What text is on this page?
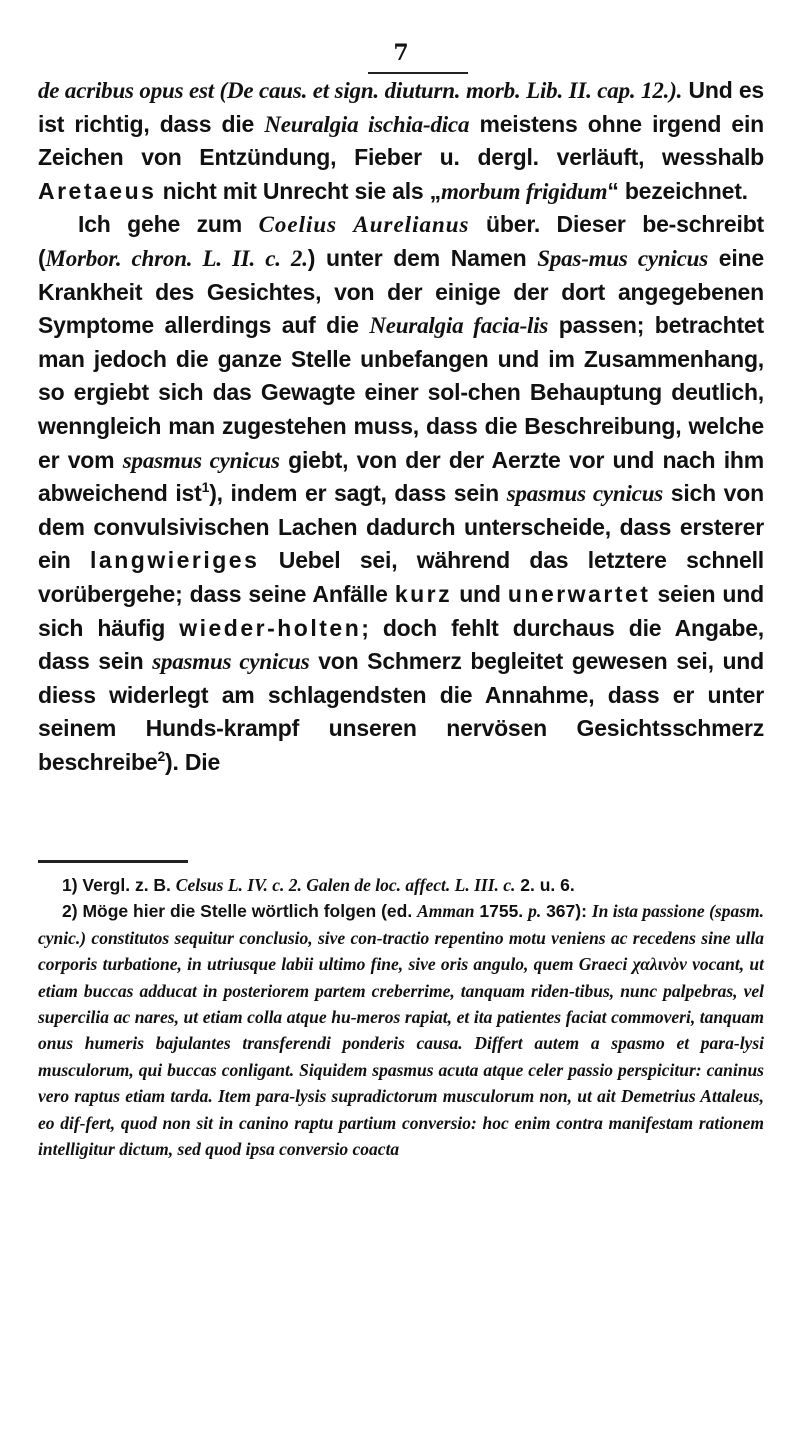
7

de acribus opus est (De caus. et sign. diuturn. morb. Lib. II. cap. 12.). Und es ist richtig, dass die Neuralgia ischia-dica meistens ohne irgend ein Zeichen von Entzündung, Fieber u. dergl. verläuft, wesshalb Aretaeus nicht mit Unrecht sie als „morbum frigidum“ bezeichnet.

Ich gehe zum Coelius Aurelianus über. Dieser be-schreibt (Morbor. chron. L. II. c. 2.) unter dem Namen Spas-mus cynicus eine Krankheit des Gesichtes, von der einige der dort angegebenen Symptome allerdings auf die Neuralgia facia-lis passen; betrachtet man jedoch die ganze Stelle unbefangen und im Zusammenhang, so ergiebt sich das Gewagte einer sol-chen Behauptung deutlich, wenngleich man zugestehen muss, dass die Beschreibung, welche er vom spasmus cynicus giebt, von der der Aerzte vor und nach ihm abweichend ist$^1$), indem er sagt, dass sein spasmus cynicus sich von dem convulsivischen Lachen dadurch unterscheide, dass ersterer ein langwieriges Uebel sei, während das letztere schnell vorübergehe; dass seine Anfälle kurz und unerwartet seien und sich häufig wieder-holten; doch fehlt durchaus die Angabe, dass sein spasmus cynicus von Schmerz begleitet gewesen sei, und diess widerlegt am schlagendsten die Annahme, dass er unter seinem Hunds-krampf unseren nervösen Gesichtsschmerz beschreibe$^2$). Die

1) Vergl. z. B. Celsus L. IV. c. 2. Galen de loc. affect. L. III. c. 2. u. 6.

2) Möge hier die Stelle wörtlich folgen (ed. Amman 1755. p. 367): In ista passione (spasm. cynic.) constitutos sequitur conclusio, sive con-tractio repentino motu veniens ac recedens sine ulla corporis turbatione, in utriusque labii ultimo fine, sive oris angulo, quem Graeci χαλινὸν vocant, ut etiam buccas adducat in posteriorem partem creberrime, tanquam riden-tibus, nunc palpebras, vel supercilia ac nares, ut etiam colla atque hu-meros rapiat, et ita patientes faciat commoveri, tanquam onus humeris bajulantes transferendi ponderis causa. Differt autem a spasmo et para-lysi musculorum, qui buccas conligant. Siquidem spasmus acuta atque celer passio perspicitur: caninus vero raptus etiam tarda. Item para-lysis supradictorum musculorum non, ut ait Demetrius Attaleus, eo dif-fert, quod non sit in canino raptu partium conversio: hoc enim contra manifestam rationem intelligitur dictum, sed quod ipsa conversio coacta
